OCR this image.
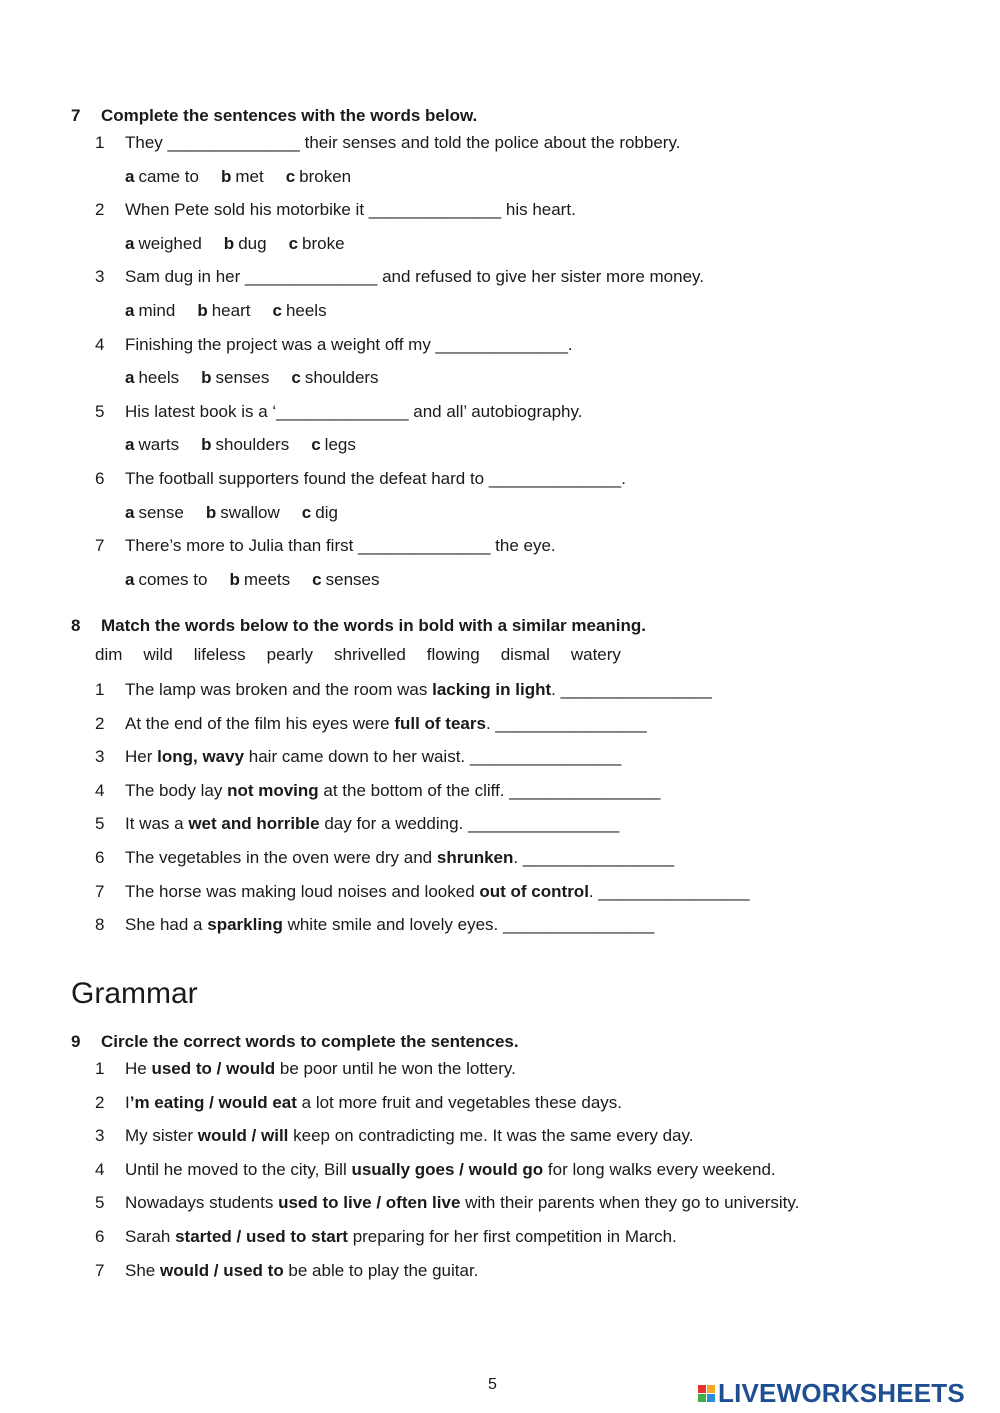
7 Complete the sentences with the words below.
1 They ______________ their senses and told the police about the robbery.
a came to b met c broken
2 When Pete sold his motorbike it ______________ his heart.
a weighed b dug c broke
3 Sam dug in her ______________ and refused to give her sister more money.
a mind b heart c heels
4 Finishing the project was a weight off my ______________.
a heels b senses c shoulders
5 His latest book is a ‘______________ and all’ autobiography.
a warts b shoulders c legs
6 The football supporters found the defeat hard to ______________.
a sense b swallow c dig
7 There’s more to Julia than first ______________ the eye.
a comes to b meets c senses
8 Match the words below to the words in bold with a similar meaning.
dim wild lifeless pearly shrivelled flowing dismal watery
1 The lamp was broken and the room was lacking in light. ________________
2 At the end of the film his eyes were full of tears. ________________
3 Her long, wavy hair came down to her waist. ________________
4 The body lay not moving at the bottom of the cliff. ________________
5 It was a wet and horrible day for a wedding. ________________
6 The vegetables in the oven were dry and shrunken. ________________
7 The horse was making loud noises and looked out of control. ________________
8 She had a sparkling white smile and lovely eyes. ________________
Grammar
9 Circle the correct words to complete the sentences.
1 He used to / would be poor until he won the lottery.
2 I’m eating / would eat a lot more fruit and vegetables these days.
3 My sister would / will keep on contradicting me. It was the same every day.
4 Until he moved to the city, Bill usually goes / would go for long walks every weekend.
5 Nowadays students used to live / often live with their parents when they go to university.
6 Sarah started / used to start preparing for her first competition in March.
7 She would / used to be able to play the guitar.
5	LIVEWORKSHEETS
